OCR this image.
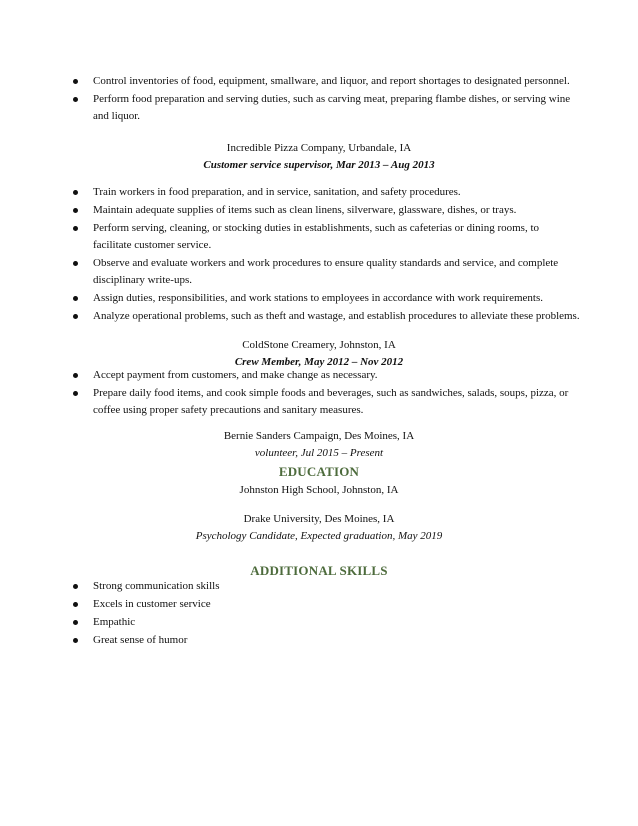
Control inventories of food, equipment, smallware, and liquor, and report shortages to designated personnel.
Perform food preparation and serving duties, such as carving meat, preparing flambe dishes, or serving wine and liquor.
Incredible Pizza Company, Urbandale, IA
Customer service supervisor, Mar 2013 – Aug 2013
Train workers in food preparation, and in service, sanitation, and safety procedures.
Maintain adequate supplies of items such as clean linens, silverware, glassware, dishes, or trays.
Perform serving, cleaning, or stocking duties in establishments, such as cafeterias or dining rooms, to facilitate customer service.
Observe and evaluate workers and work procedures to ensure quality standards and service, and complete disciplinary write-ups.
Assign duties, responsibilities, and work stations to employees in accordance with work requirements.
Analyze operational problems, such as theft and wastage, and establish procedures to alleviate these problems.
ColdStone Creamery, Johnston, IA
Crew Member, May 2012 – Nov 2012
Accept payment from customers, and make change as necessary.
Prepare daily food items, and cook simple foods and beverages, such as sandwiches, salads, soups, pizza, or coffee using proper safety precautions and sanitary measures.
Bernie Sanders Campaign, Des Moines, IA
volunteer, Jul 2015 – Present
EDUCATION
Johnston High School, Johnston, IA
Drake University, Des Moines, IA
Psychology Candidate, Expected graduation, May 2019
ADDITIONAL SKILLS
Strong communication skills
Excels in customer service
Empathic
Great sense of humor
